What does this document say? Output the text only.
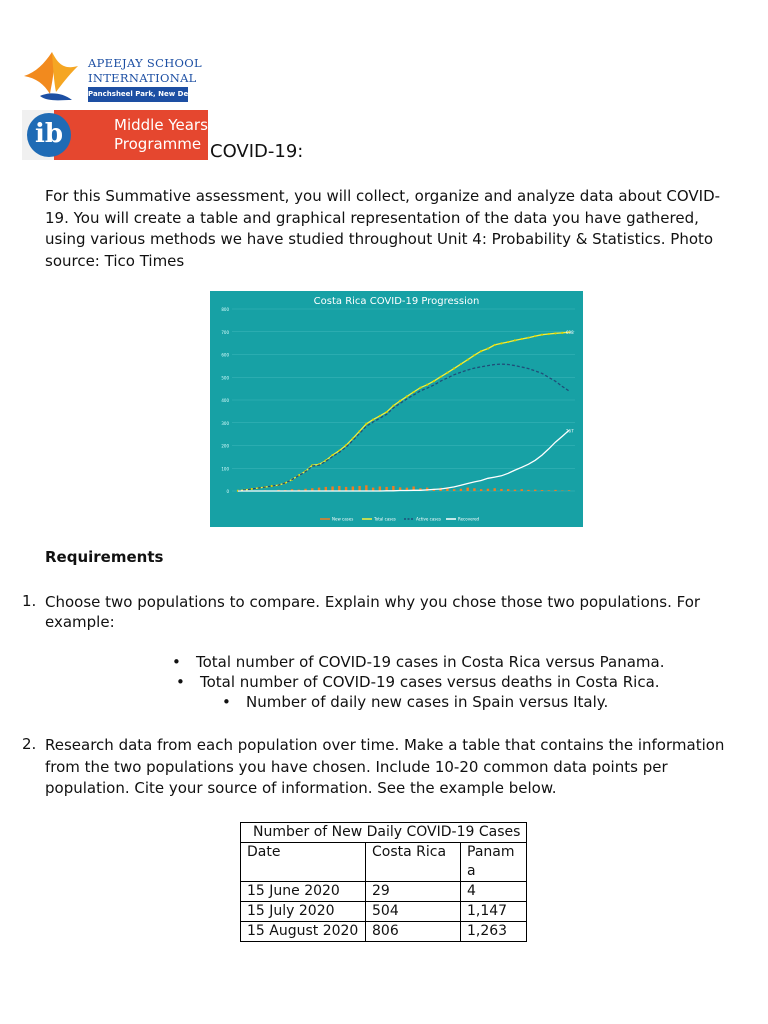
APEEJAY SCHOOL
INTERNATIONAL
Panchsheel Park, New Delhi
Middle Years
Programme
ib
COVID-19:

For this Summative assessment, you will collect, organize and analyze data about COVID-19. You will create a table and graphical representation of the data you have gathered, using various methods we have studied throughout Unit 4: Probability & Statistics. Photo source: Tico Times

0
100
200
300
400
500
600
700
800
698
267
New cases	Total cases	Active cases	Recovered
Costa Rica COVID-19 Progression
Requirements
1. Choose two populations to compare. Explain why you chose those two populations. For example:

• Total number of COVID-19 cases in Costa Rica versus Panama.
• Total number of COVID-19 cases versus deaths in Costa Rica.
• Number of daily new cases in Spain versus Italy.
2. Research data from each population over time. Make a table that contains the information from the two populations you have chosen. Include 10-20 common data points per population. Cite your source of information. See the example below.

Number of New Daily COVID-19 Cases		
Date	Costa Rica	Panam a
15 June 2020	29	4
15 July 2020	504	1,147
15 August 2020	806	1,263
